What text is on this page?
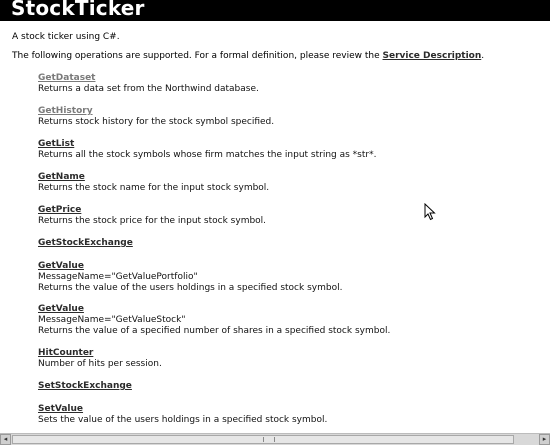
StockTicker
A stock ticker using C#.
The following operations are supported. For a formal definition, please review the Service Description.
GetDataset
Returns a data set from the Northwind database.
GetHistory
Returns stock history for the stock symbol specified.
GetList
Returns all the stock symbols whose firm matches the input string as *str*.
GetName
Returns the stock name for the input stock symbol.
GetPrice
Returns the stock price for the input stock symbol.
GetStockExchange
GetValue
MessageName="GetValuePortfolio"
Returns the value of the users holdings in a specified stock symbol.
GetValue
MessageName="GetValueStock"
Returns the value of a specified number of shares in a specified stock symbol.
HitCounter
Number of hits per session.
SetStockExchange
SetValue
Sets the value of the users holdings in a specified stock symbol.
◂	▸
